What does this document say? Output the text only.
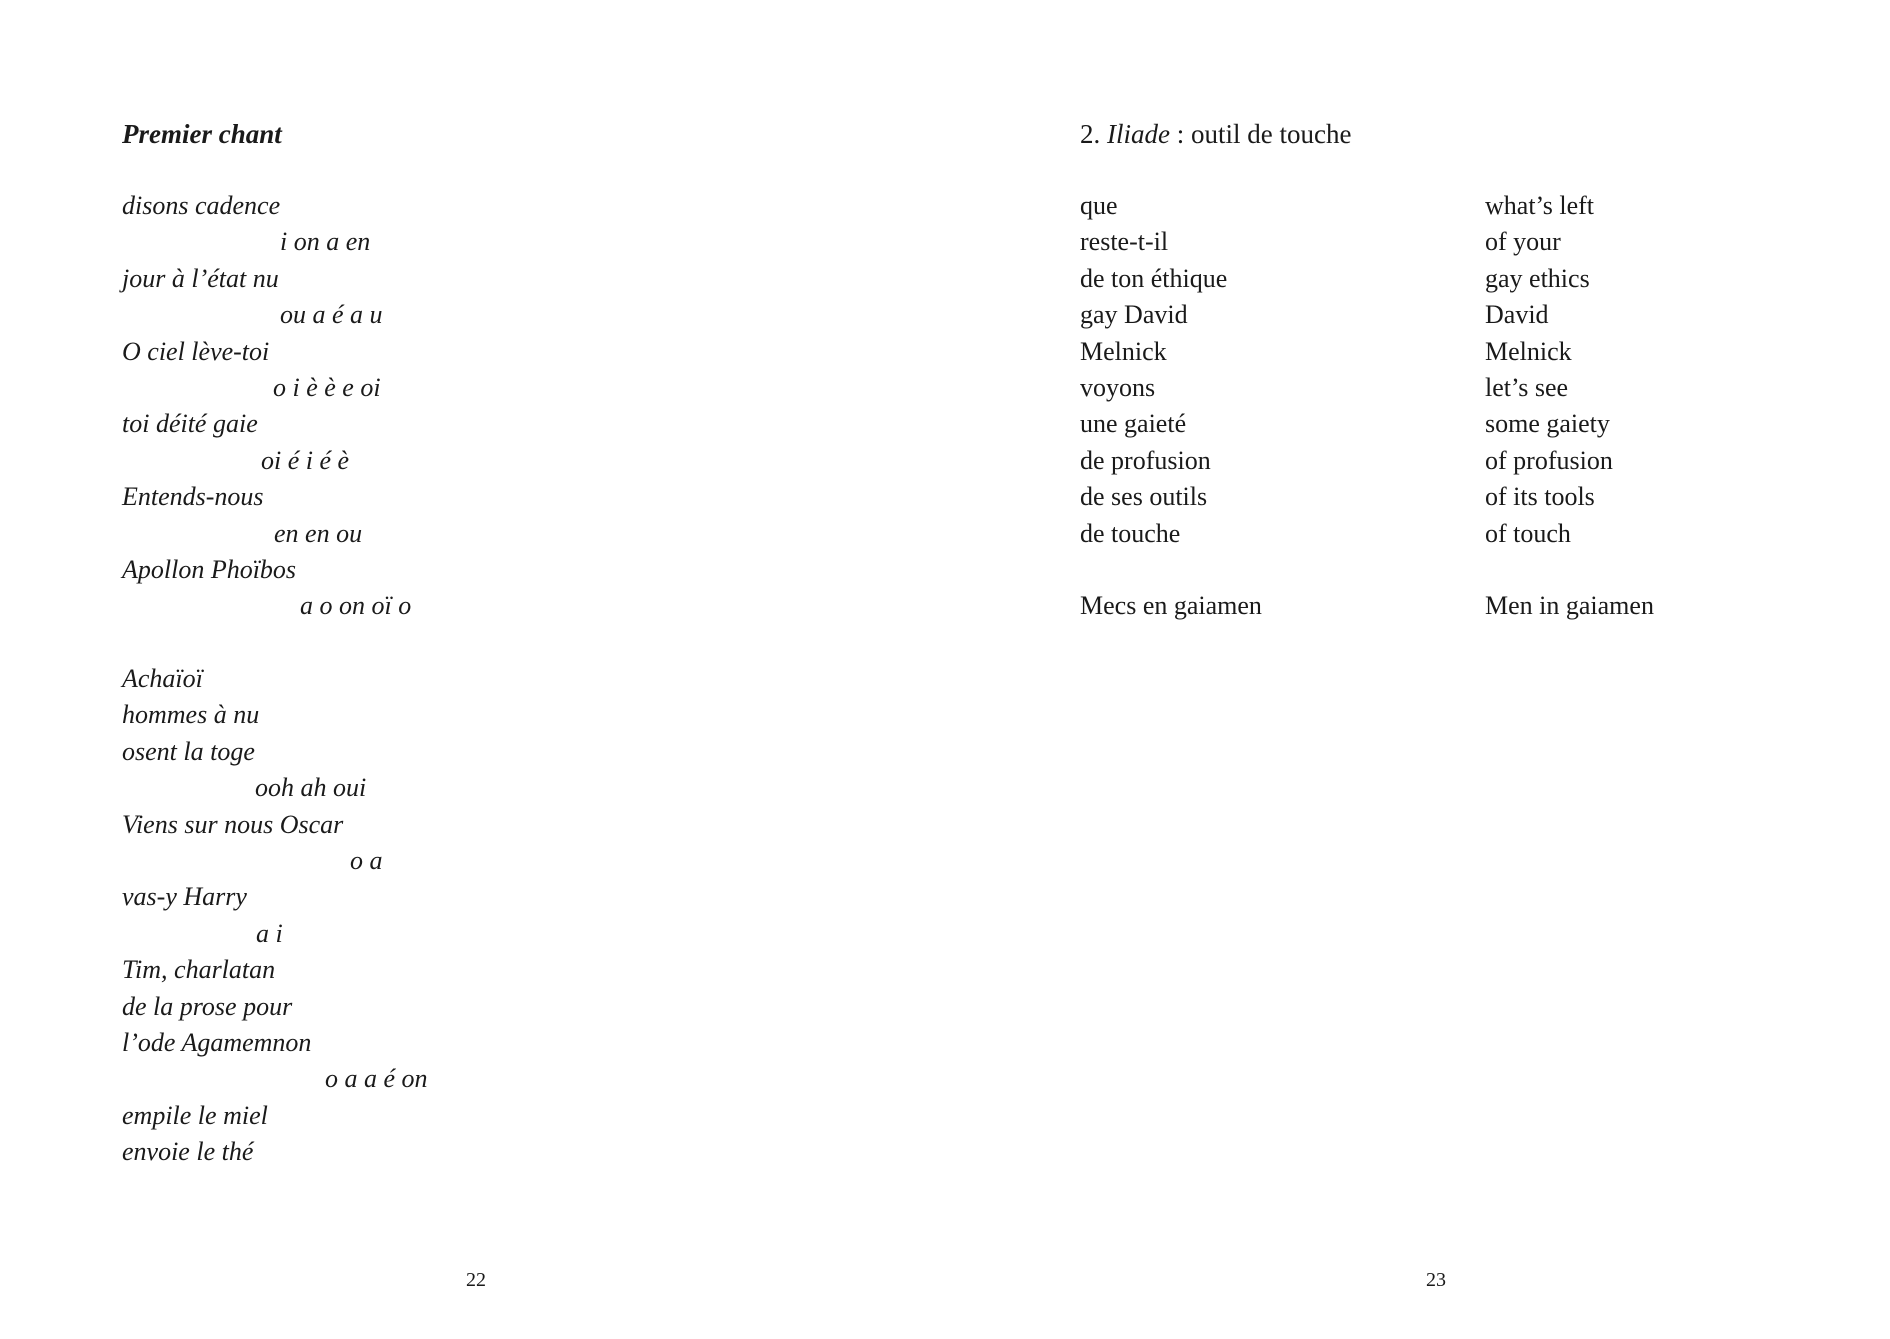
Premier chant
disons cadence
i on a en
jour à l’état nu
ou a é a u
O ciel lève-toi
o i è è e oi
toi déité gaie
oi é i é è
Entends-nous
en en ou
Apollon Phoïbos
a o on oï o
Achaïoï
hommes à nu
osent la toge
ooh ah oui
Viens sur nous Oscar
o a
vas-y Harry
a i
Tim, charlatan
de la prose pour
l’ode Agamemnon
o a a é on
empile le miel
envoie le thé
22
2. Iliade : outil de touche
que
reste-t-il
de ton éthique
gay David
Melnick
voyons
une gaieté
de profusion
de ses outils
de touche
Mecs en gaiamen
what’s left
of your
gay ethics
David
Melnick
let’s see
some gaiety
of profusion
of its tools
of touch
Men in gaiamen
23
